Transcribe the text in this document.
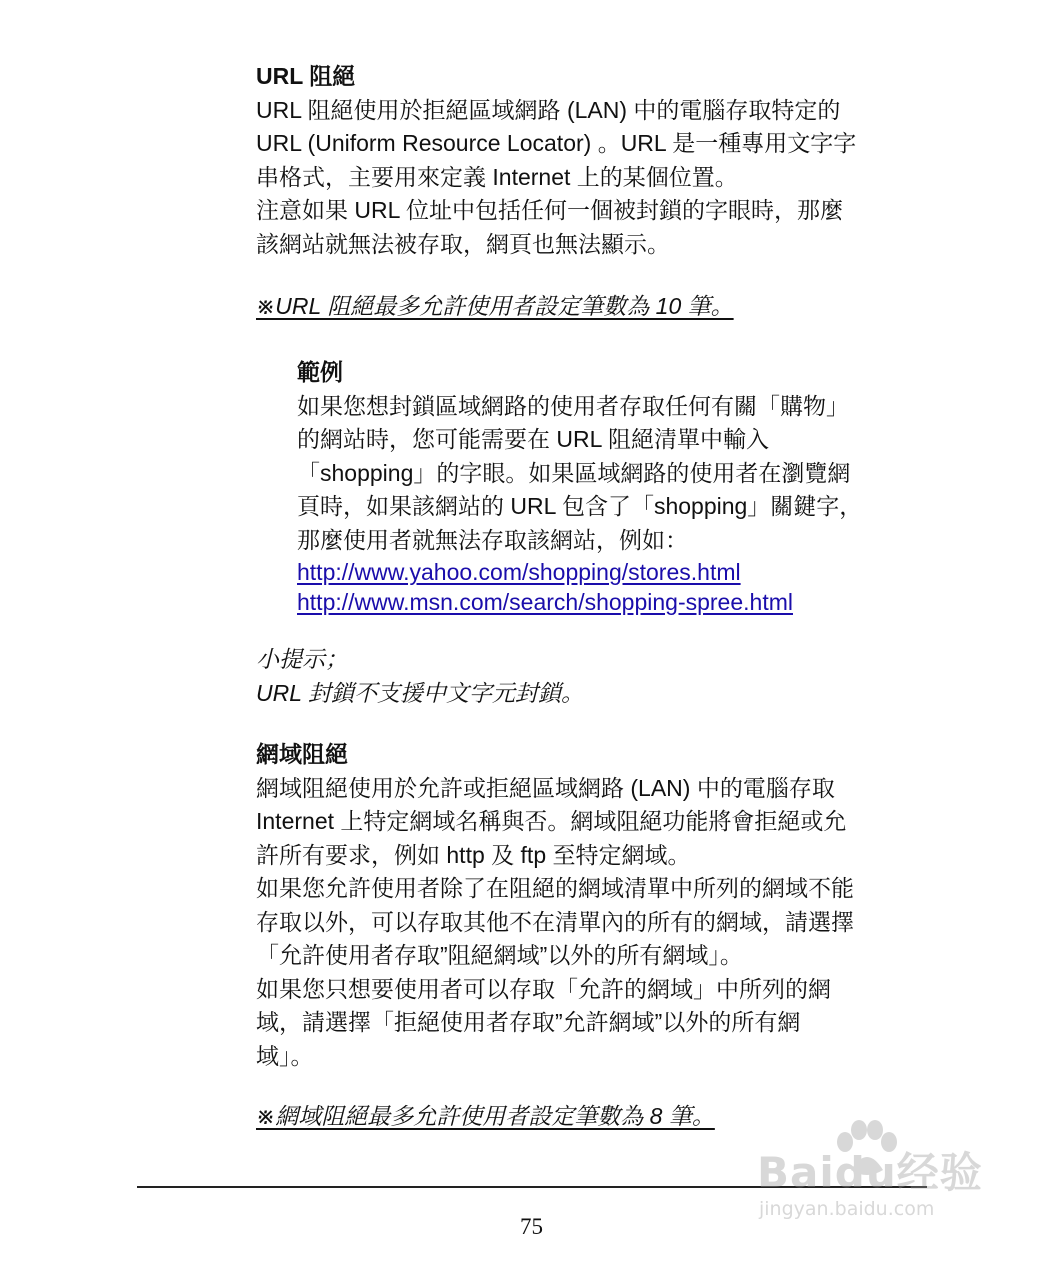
URL 阻絕
URL 阻絕使用於拒絕區域網路 (LAN) 中的電腦存取特定的
URL (Uniform Resource Locator) 。URL 是一種專用文字字
串格式，主要用來定義 Internet 上的某個位置。
注意如果 URL 位址中包括任何一個被封鎖的字眼時，那麼
該網站就無法被存取，網頁也無法顯示。
※URL 阻絕最多允許使用者設定筆數為 10 筆。
範例
如果您想封鎖區域網路的使用者存取任何有關「購物」
的網站時，您可能需要在 URL 阻絕清單中輸入
「shopping」的字眼。如果區域網路的使用者在瀏覽網
頁時，如果該網站的 URL 包含了「shopping」關鍵字，
那麼使用者就無法存取該網站，例如：
http://www.yahoo.com/shopping/stores.html
http://www.msn.com/search/shopping-spree.html
小提示；
URL 封鎖不支援中文字元封鎖。
網域阻絕
網域阻絕使用於允許或拒絕區域網路 (LAN) 中的電腦存取
Internet 上特定網域名稱與否。網域阻絕功能將會拒絕或允
許所有要求，例如 http 及 ftp 至特定網域。
如果您允許使用者除了在阻絕的網域清單中所列的網域不能
存取以外，可以存取其他不在清單內的所有的網域，請選擇
「允許使用者存取”阻絕網域”以外的所有網域」。
如果您只想要使用者可以存取「允許的網域」中所列的網
域，請選擇「拒絕使用者存取”允許網域”以外的所有網
域」。
※網域阻絕最多允許使用者設定筆數為 8 筆。
75
Baidu经验
jingyan.baidu.com
